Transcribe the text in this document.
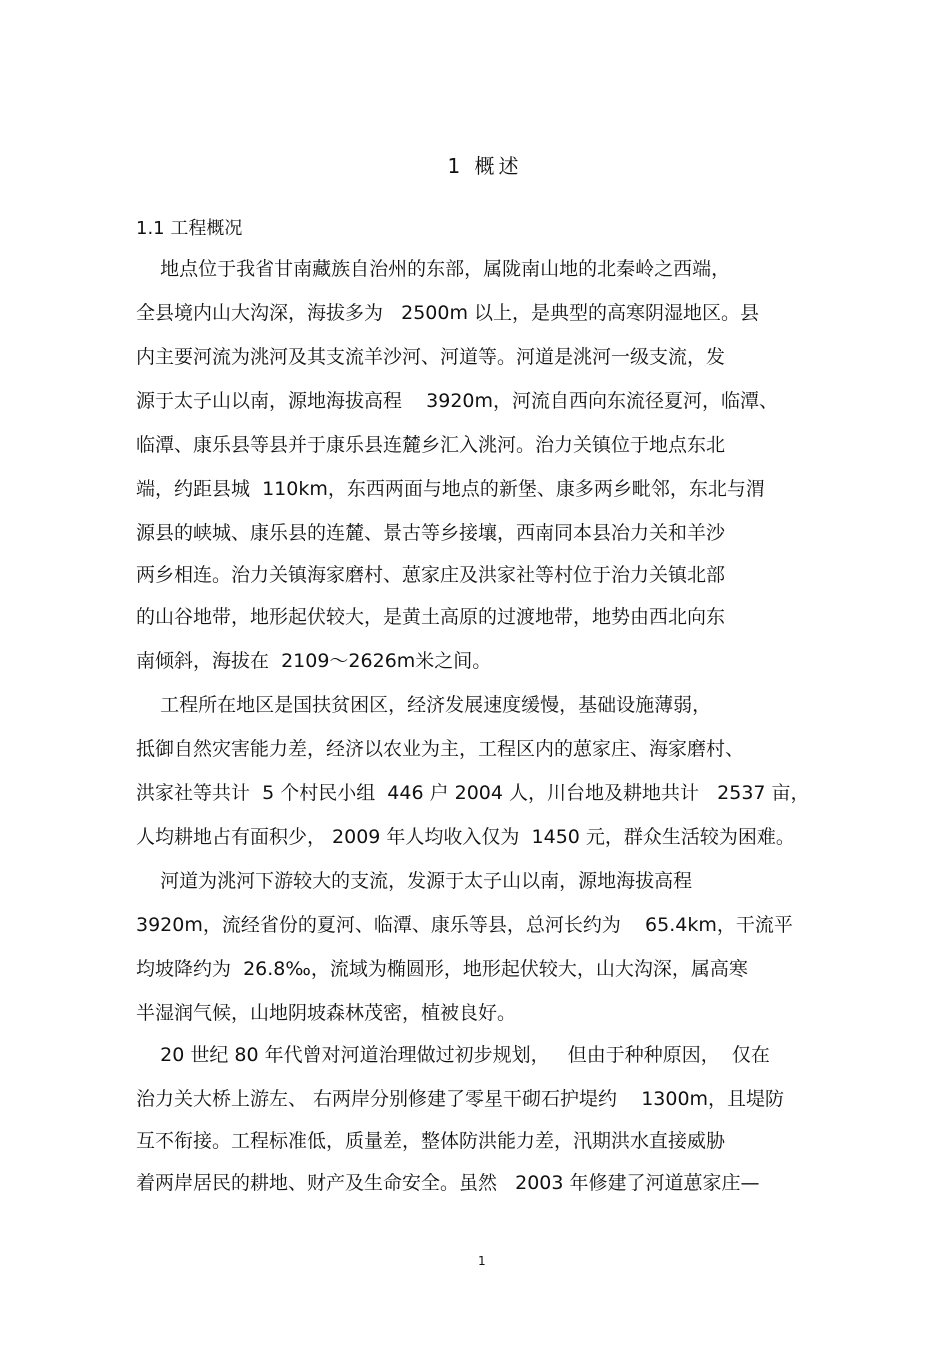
1 概述
1.1 工程概况
地点位于我省甘南藏族自治州的东部，属陇南山地的北秦岭之西端，
全县境内山大沟深，海拔多为   2500m 以上，是典型的高寒阴湿地区。县
内主要河流为洮河及其支流羊沙河、河道等。河道是洮河一级支流，发
源于太子山以南，源地海拔高程    3920m，河流自西向东流径夏河，临潭、
临潭、康乐县等县并于康乐县连麓乡汇入洮河。治力关镇位于地点东北
端，约距县城  110km，东西两面与地点的新堡、康多两乡毗邻，东北与渭
源县的峡城、康乐县的连麓、景古等乡接壤，西南同本县冶力关和羊沙
两乡相连。治力关镇海家磨村、葸家庄及洪家社等村位于治力关镇北部
的山谷地带，地形起伏较大，是黄土高原的过渡地带，地势由西北向东
南倾斜，海拔在  2109～2626m米之间。
工程所在地区是国扶贫困区，经济发展速度缓慢，基础设施薄弱，
抵御自然灾害能力差，经济以农业为主，工程区内的葸家庄、海家磨村、
洪家社等共计  5 个村民小组  446 户 2004 人，川台地及耕地共计   2537 亩，
人均耕地占有面积少， 2009 年人均收入仅为  1450 元，群众生活较为困难。
河道为洮河下游较大的支流，发源于太子山以南，源地海拔高程
3920m，流经省份的夏河、临潭、康乐等县，总河长约为    65.4km，干流平
均坡降约为  26.8‰，流域为椭圆形，地形起伏较大，山大沟深，属高寒
半湿润气候，山地阴坡森林茂密，植被良好。
20 世纪 80 年代曾对河道治理做过初步规划，   但由于种种原因，  仅在
治力关大桥上游左、 右两岸分别修建了零星干砌石护堤约    1300m，且堤防
互不衔接。工程标准低，质量差，整体防洪能力差，汛期洪水直接威胁
着两岸居民的耕地、财产及生命安全。虽然   2003 年修建了河道葸家庄—
1
